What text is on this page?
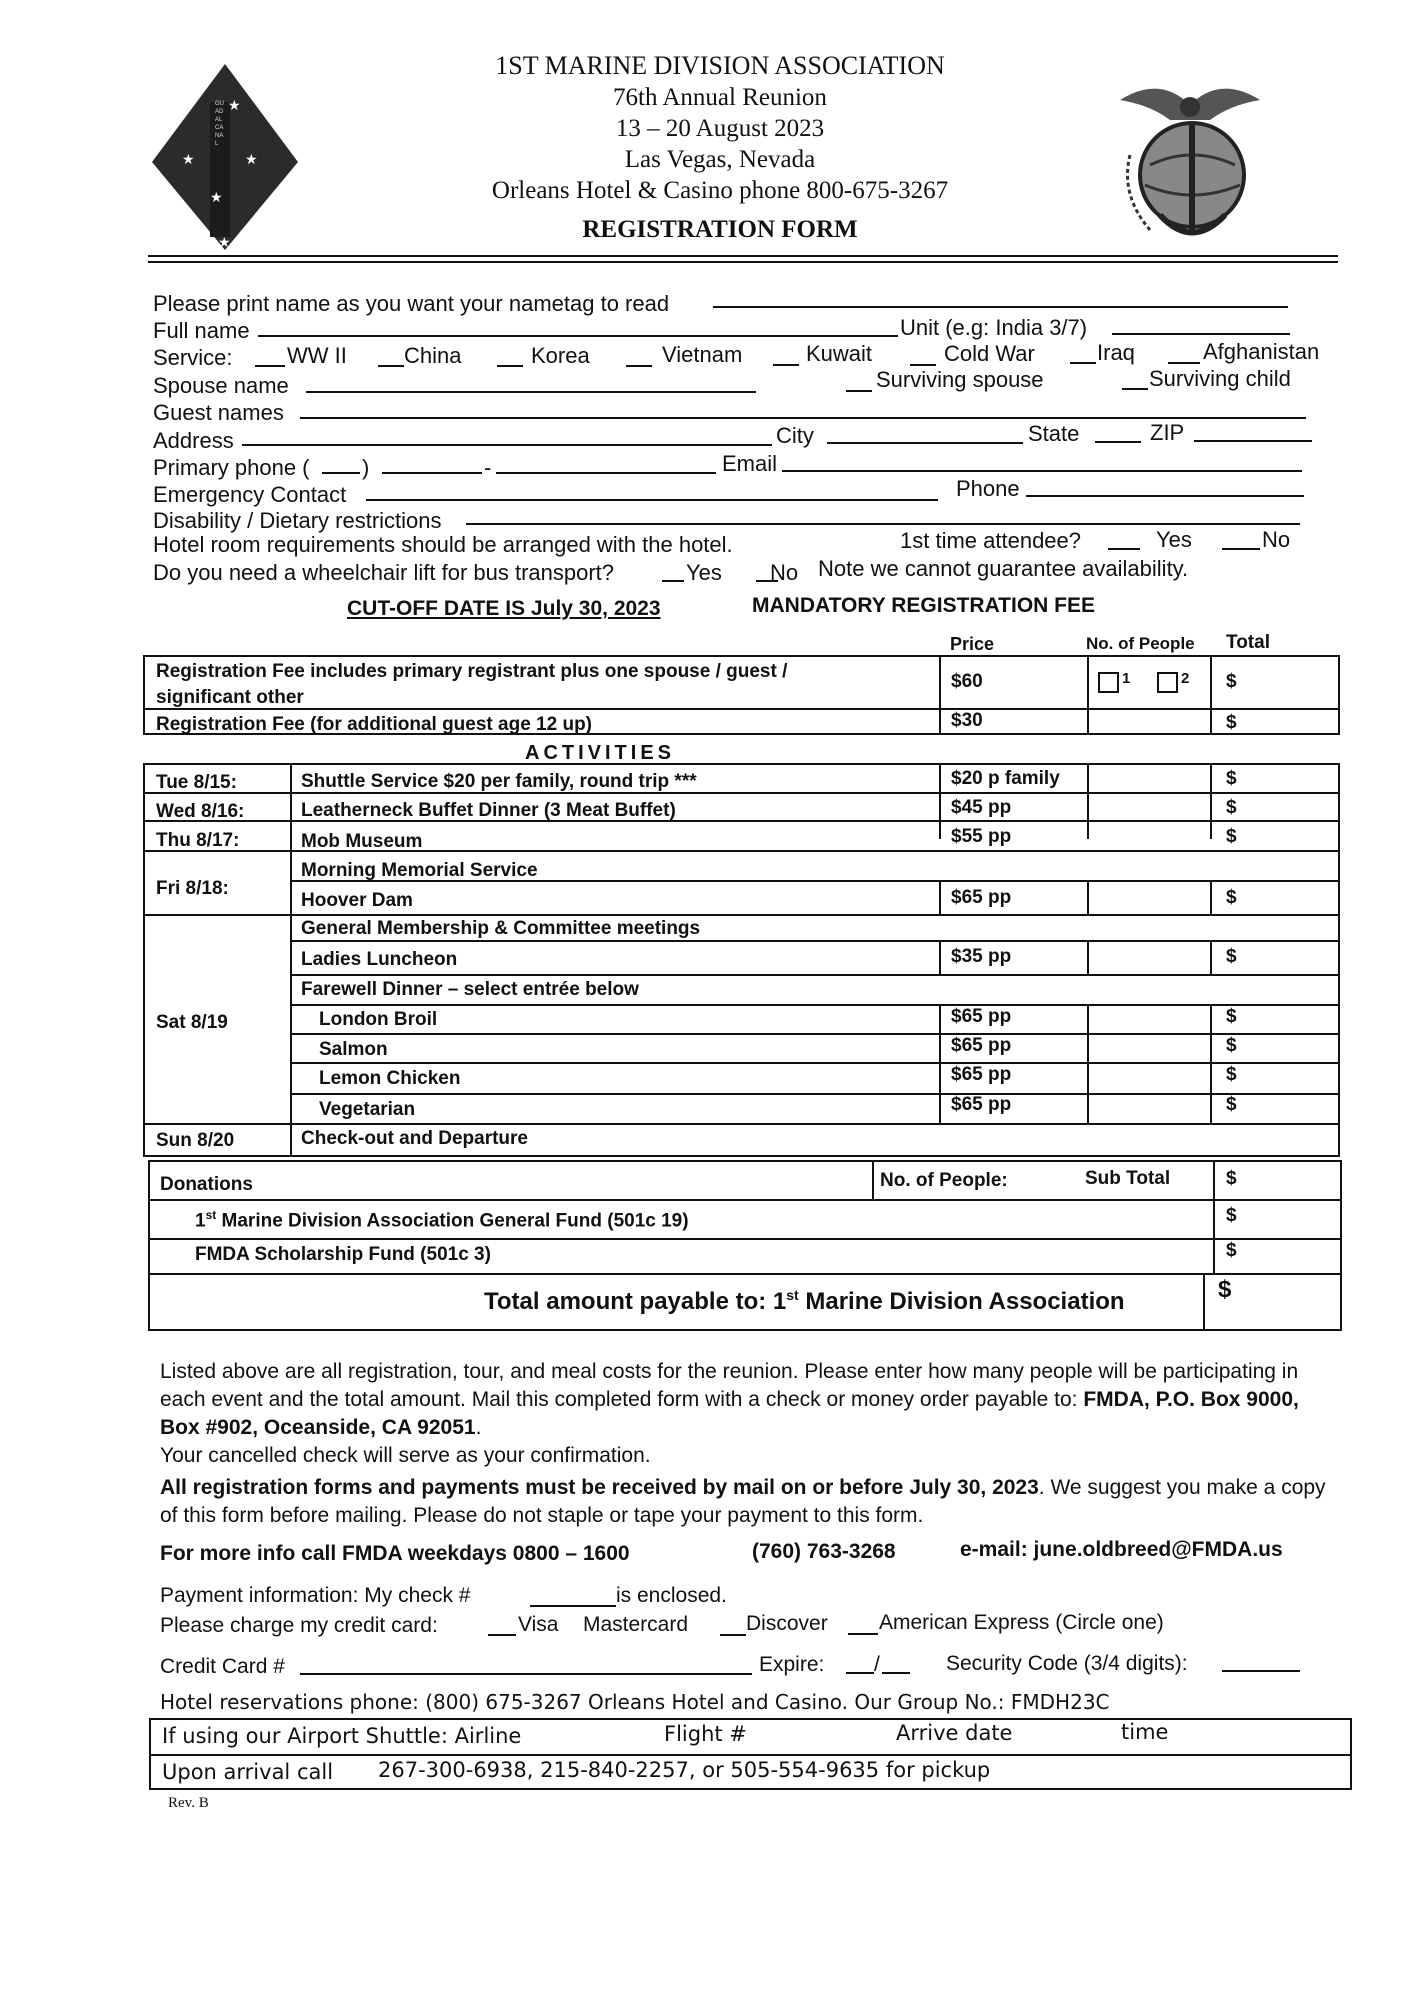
★
★	★
★
★
GUADALCANAL
1ST MARINE DIVISION ASSOCIATION
76th Annual Reunion
13 – 20 August 2023
Las Vegas, Nevada
Orleans Hotel & Casino phone 800-675-3267
REGISTRATION FORM
Please print name as you want your nametag to read
Full name	Unit (e.g: India 3/7)
Service: WW II	China	Korea	Vietnam	Kuwait	Cold War	Iraq	Afghanistan
Spouse name	Surviving spouse	Surviving child
Guest names
Address	City	State	ZIP
Primary phone ( )	-	Email
Emergency Contact	Phone
Disability / Dietary restrictions
Hotel room requirements should be arranged with the hotel.	1st time attendee?	Yes	No
Do you need a wheelchair lift for bus transport?	Yes No Note we cannot guarantee availability.
CUT-OFF DATE IS July 30, 2023	MANDATORY REGISTRATION FEE
Price	No. of People Total
Registration Fee includes primary registrant plus one spouse / guest /
significant other
$60	$^1$	$^2$ $
Registration Fee (for additional guest age 12 up)	$30	$
ACTIVITIES
Tue 8/15:	Shuttle Service $20 per family, round trip ***	$20 p family	$
Wed 8/16:	Leatherneck Buffet Dinner (3 Meat Buffet)	$45 pp	$
Thu 8/17:	Mob Museum	$55 pp	$
Fri 8/18:
Morning Memorial Service
Hoover Dam	$65 pp	$
Sat 8/19
General Membership & Committee meetings
Ladies Luncheon	$35 pp	$
Farewell Dinner – select entrée below
London Broil	$65 pp	$
Salmon	$65 pp	$
Lemon Chicken	$65 pp	$
Vegetarian	$65 pp	$
Sun 8/20	Check-out and Departure
Donations	No. of People:	Sub Total	$
1st Marine Division Association General Fund (501c 19)	$
FMDA Scholarship Fund (501c 3)	$
Total amount payable to: 1st Marine Division Association	$
Listed above are all registration, tour, and meal costs for the reunion. Please enter how many people will be participating in each event and the total amount. Mail this completed form with a check or money order payable to: FMDA, P.O. Box 9000, Box #902, Oceanside, CA 92051.
Your cancelled check will serve as your confirmation.
All registration forms and payments must be received by mail on or before July 30, 2023. We suggest you make a copy of this form before mailing. Please do not staple or tape your payment to this form.
For more info call FMDA weekdays 0800 – 1600	(760) 763-3268	e-mail: june.oldbreed@FMDA.us
Payment information: My check #	is enclosed.
Please charge my credit card:	Visa Mastercard	Discover American Express (Circle one)
Credit Card #	Expire: /	Security Code (3/4 digits):
Hotel reservations phone: (800) 675-3267 Orleans Hotel and Casino. Our Group No.: FMDH23C
If using our Airport Shuttle: Airline	Flight #	Arrive date	time
Upon arrival call 267-300-6938, 215-840-2257, or 505-554-9635 for pickup
Rev. B
